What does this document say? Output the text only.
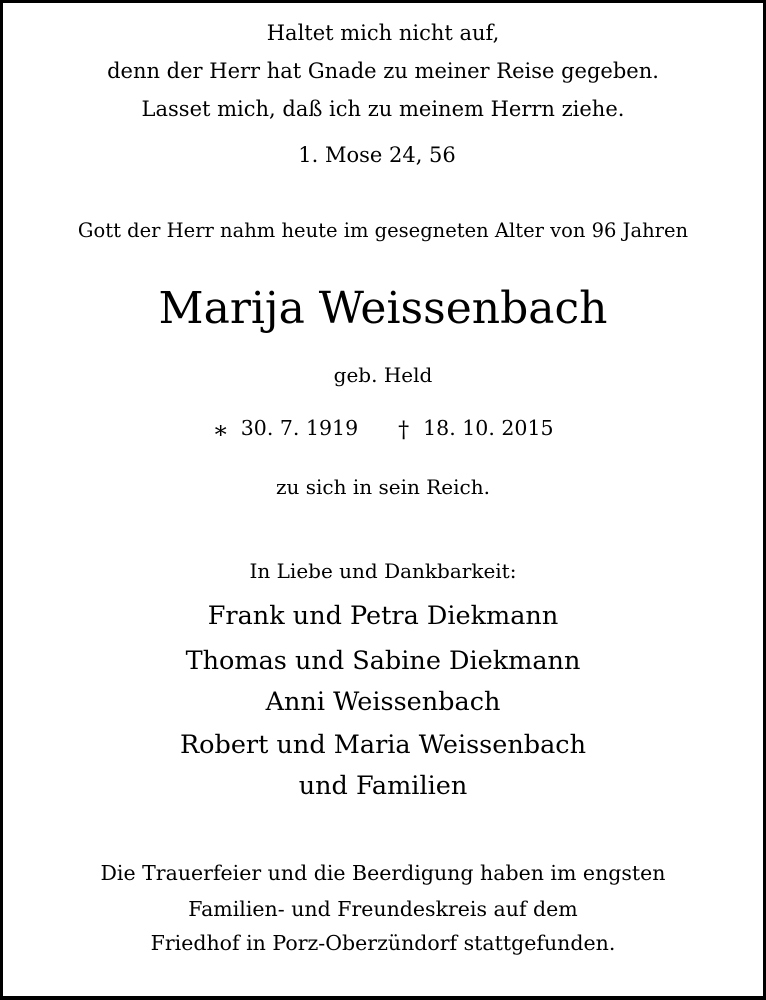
Haltet mich nicht auf,
denn der Herr hat Gnade zu meiner Reise gegeben.
Lasset mich, daß ich zu meinem Herrn ziehe.
1. Mose 24, 56
Gott der Herr nahm heute im gesegneten Alter von 96 Jahren
Marija Weissenbach
geb. Held
∗ 30. 7. 1919 † 18. 10. 2015
zu sich in sein Reich.
In Liebe und Dankbarkeit:
Frank und Petra Diekmann
Thomas und Sabine Diekmann
Anni Weissenbach
Robert und Maria Weissenbach
und Familien
Die Trauerfeier und die Beerdigung haben im engsten
Familien- und Freundeskreis auf dem
Friedhof in Porz-Oberzündorf stattgefunden.
